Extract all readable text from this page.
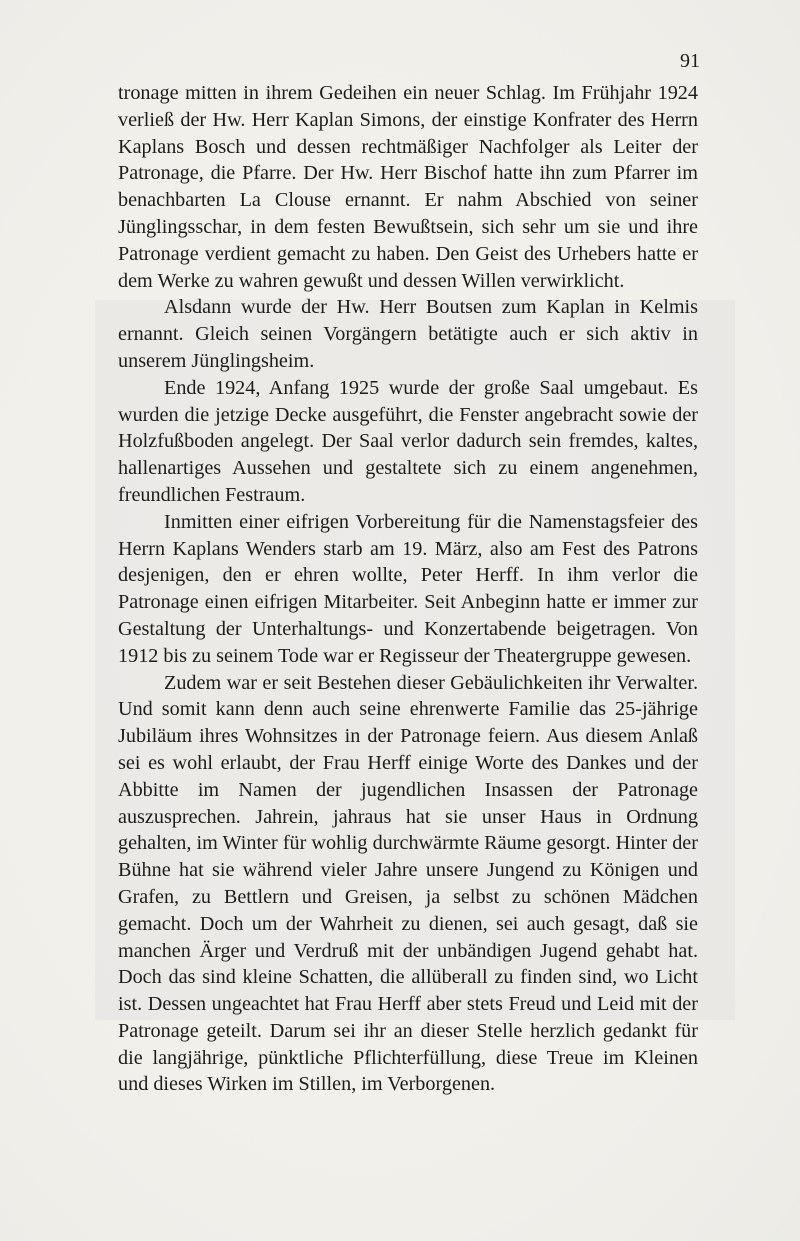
91

tronage mitten in ihrem Gedeihen ein neuer Schlag. Im Frühjahr 1924 verließ der Hw. Herr Kaplan Simons, der einstige Konfrater des Herrn Kaplans Bosch und dessen rechtmäßiger Nachfolger als Leiter der Patronage, die Pfarre. Der Hw. Herr Bischof hatte ihn zum Pfarrer im benachbarten La Clouse ernannt. Er nahm Abschied von seiner Jünglingsschar, in dem festen Bewußtsein, sich sehr um sie und ihre Patronage verdient gemacht zu haben. Den Geist des Urhebers hatte er dem Werke zu wahren gewußt und dessen Willen verwirklicht.

Alsdann wurde der Hw. Herr Boutsen zum Kaplan in Kelmis ernannt. Gleich seinen Vorgängern betätigte auch er sich aktiv in unserem Jünglingsheim.

Ende 1924, Anfang 1925 wurde der große Saal umgebaut. Es wurden die jetzige Decke ausgeführt, die Fenster angebracht sowie der Holzfußboden angelegt. Der Saal verlor dadurch sein fremdes, kaltes, hallenartiges Aussehen und gestaltete sich zu einem angenehmen, freundlichen Festraum.

Inmitten einer eifrigen Vorbereitung für die Namenstagsfeier des Herrn Kaplans Wenders starb am 19. März, also am Fest des Patrons desjenigen, den er ehren wollte, Peter Herff. In ihm verlor die Patronage einen eifrigen Mitarbeiter. Seit Anbeginn hatte er immer zur Gestaltung der Unterhaltungs- und Konzertabende beigetragen. Von 1912 bis zu seinem Tode war er Regisseur der Theatergruppe gewesen.

Zudem war er seit Bestehen dieser Gebäulichkeiten ihr Verwalter. Und somit kann denn auch seine ehrenwerte Familie das 25-jährige Jubiläum ihres Wohnsitzes in der Patronage feiern. Aus diesem Anlaß sei es wohl erlaubt, der Frau Herff einige Worte des Dankes und der Abbitte im Namen der jugendlichen Insassen der Patronage auszusprechen. Jahrein, jahraus hat sie unser Haus in Ordnung gehalten, im Winter für wohlig durchwärmte Räume gesorgt. Hinter der Bühne hat sie während vieler Jahre unsere Jungend zu Königen und Grafen, zu Bettlern und Greisen, ja selbst zu schönen Mädchen gemacht. Doch um der Wahrheit zu dienen, sei auch gesagt, daß sie manchen Ärger und Verdruß mit der unbändigen Jugend gehabt hat. Doch das sind kleine Schatten, die allüberall zu finden sind, wo Licht ist. Dessen ungeachtet hat Frau Herff aber stets Freud und Leid mit der Patronage geteilt. Darum sei ihr an dieser Stelle herzlich gedankt für die langjährige, pünktliche Pflichterfüllung, diese Treue im Kleinen und dieses Wirken im Stillen, im Verborgenen.
